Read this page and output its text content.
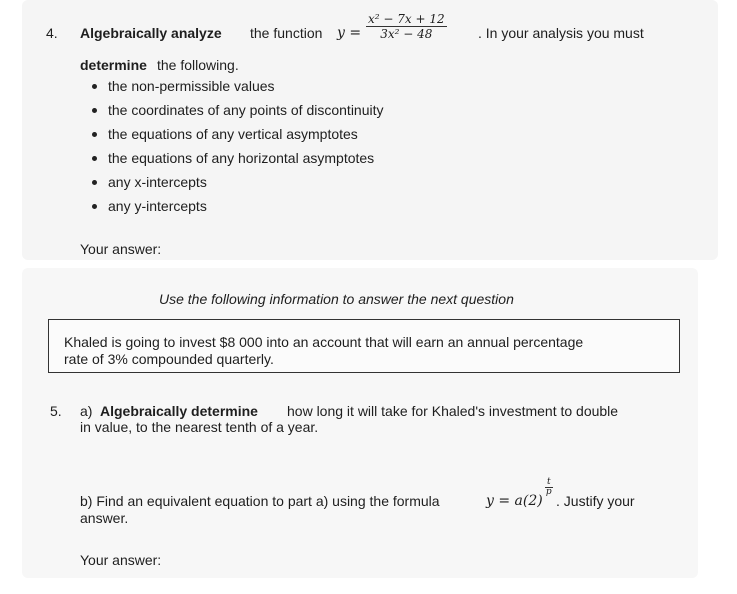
4. Algebraically analyze the function $y = \frac{\text{x² − 7x + 12}}{\text{3x² − 48}}$ . In your analysis you must
determine the following.
the non-permissible values
the coordinates of any points of discontinuity
the equations of any vertical asymptotes
the equations of any horizontal asymptotes
any x-intercepts
any y-intercepts
Your answer:
Use the following information to answer the next question
Khaled is going to invest $8 000 into an account that will earn an annual percentage
rate of 3% compounded quarterly.
5. a) Algebraically determine how long it will take for Khaled's investment to double
in value, to the nearest tenth of a year.
b) Find an equivalent equation to part a) using the formula	y = a(2)
$\frac{t}{p}$
. Justify your
answer.
Your answer:
